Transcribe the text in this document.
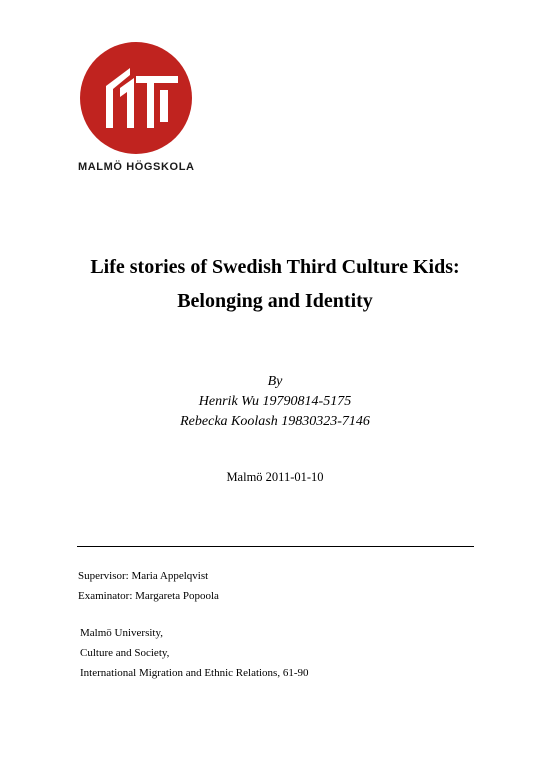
MALMÖ HÖGSKOLA
Life stories of Swedish Third Culture Kids:
Belonging and Identity
By
Henrik Wu 19790814-5175
Rebecka Koolash 19830323-7146
Malmö 2011-01-10
Supervisor: Maria Appelqvist
Examinator: Margareta Popoola
Malmö University,
Culture and Society,
International Migration and Ethnic Relations, 61-90
